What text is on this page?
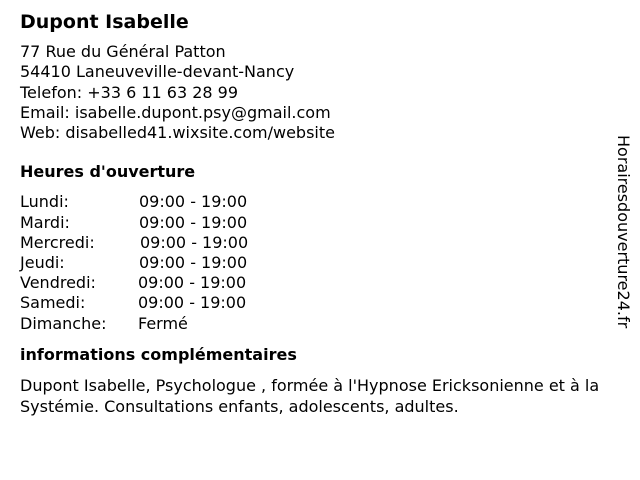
Dupont Isabelle
77 Rue du Général Patton
54410 Laneuveville-devant-Nancy
Telefon: +33 6 11 63 28 99
Email: isabelle.dupont.psy@gmail.com
Web: disabelled41.wixsite.com/website
Heures d'ouverture
Lundi:	09:00 - 19:00
Mardi:	09:00 - 19:00
Mercredi:	09:00 - 19:00
Jeudi:	09:00 - 19:00
Vendredi:	09:00 - 19:00
Samedi:	09:00 - 19:00
Dimanche: Fermé
informations complémentaires
Dupont Isabelle, Psychologue , formée à l'Hypnose Ericksonienne et à la Systémie. Consultations enfants, adolescents, adultes.
Horairesdouverture24.fr
